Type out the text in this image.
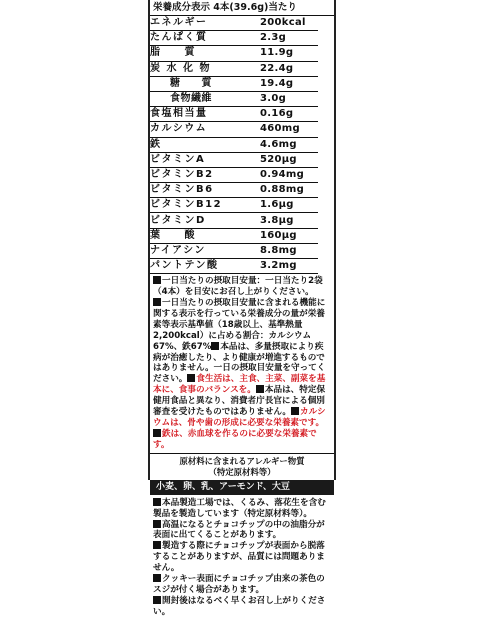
栄養成分表示 4本(39.6g)当たり
エネルギー	200kcal
たんぱく質	2.3g
脂　　質	11.9g
炭 水 化 物	22.4g
糖　　質	19.4g
食物繊維	3.0g
食塩相当量	0.16g
カルシウム	460mg
鉄	4.6mg
ビタミンA	520μg
ビタミンB2	0.94mg
ビタミンB6	0.88mg
ビタミンB12	1.6μg
ビタミンD	3.8μg
葉　　酸	160μg
ナイアシン	8.8mg
パントテン酸	3.2mg
一日当たりの摂取目安量：一日当たり2袋（4本）を目安にお召し上がりください。
一日当たりの摂取目安量に含まれる機能に関する表示を行っている栄養成分の量が栄養素等表示基準値（18歳以上、基準熱量2,200kcal）に占める割合：カルシウム67%、鉄67% 本品は、多量摂取により疾病が治癒したり、より健康が増進するものではありません。一日の摂取目安量を守ってください。 食生活は、主食、主菜、副菜を基本に、食事のバランスを。 本品は、特定保健用食品と異なり、消費者庁長官による個別審査を受けたものではありません。 カルシウムは、骨や歯の形成に必要な栄養素です。鉄は、赤血球を作るのに必要な栄養素です。
原材料に含まれるアレルギー物質
（特定原材料等）
小麦、卵、乳、アーモンド、大豆
本品製造工場では、くるみ、落花生を含む製品を製造しています（特定原材料等）。
高温になるとチョコチップの中の油脂分が表面に出てくることがあります。
製造する際にチョコチップが表面から脱落することがありますが、品質には問題ありません。
クッキー表面にチョコチップ由来の茶色のスジが付く場合があります。
開封後はなるべく早くお召し上がりください。
